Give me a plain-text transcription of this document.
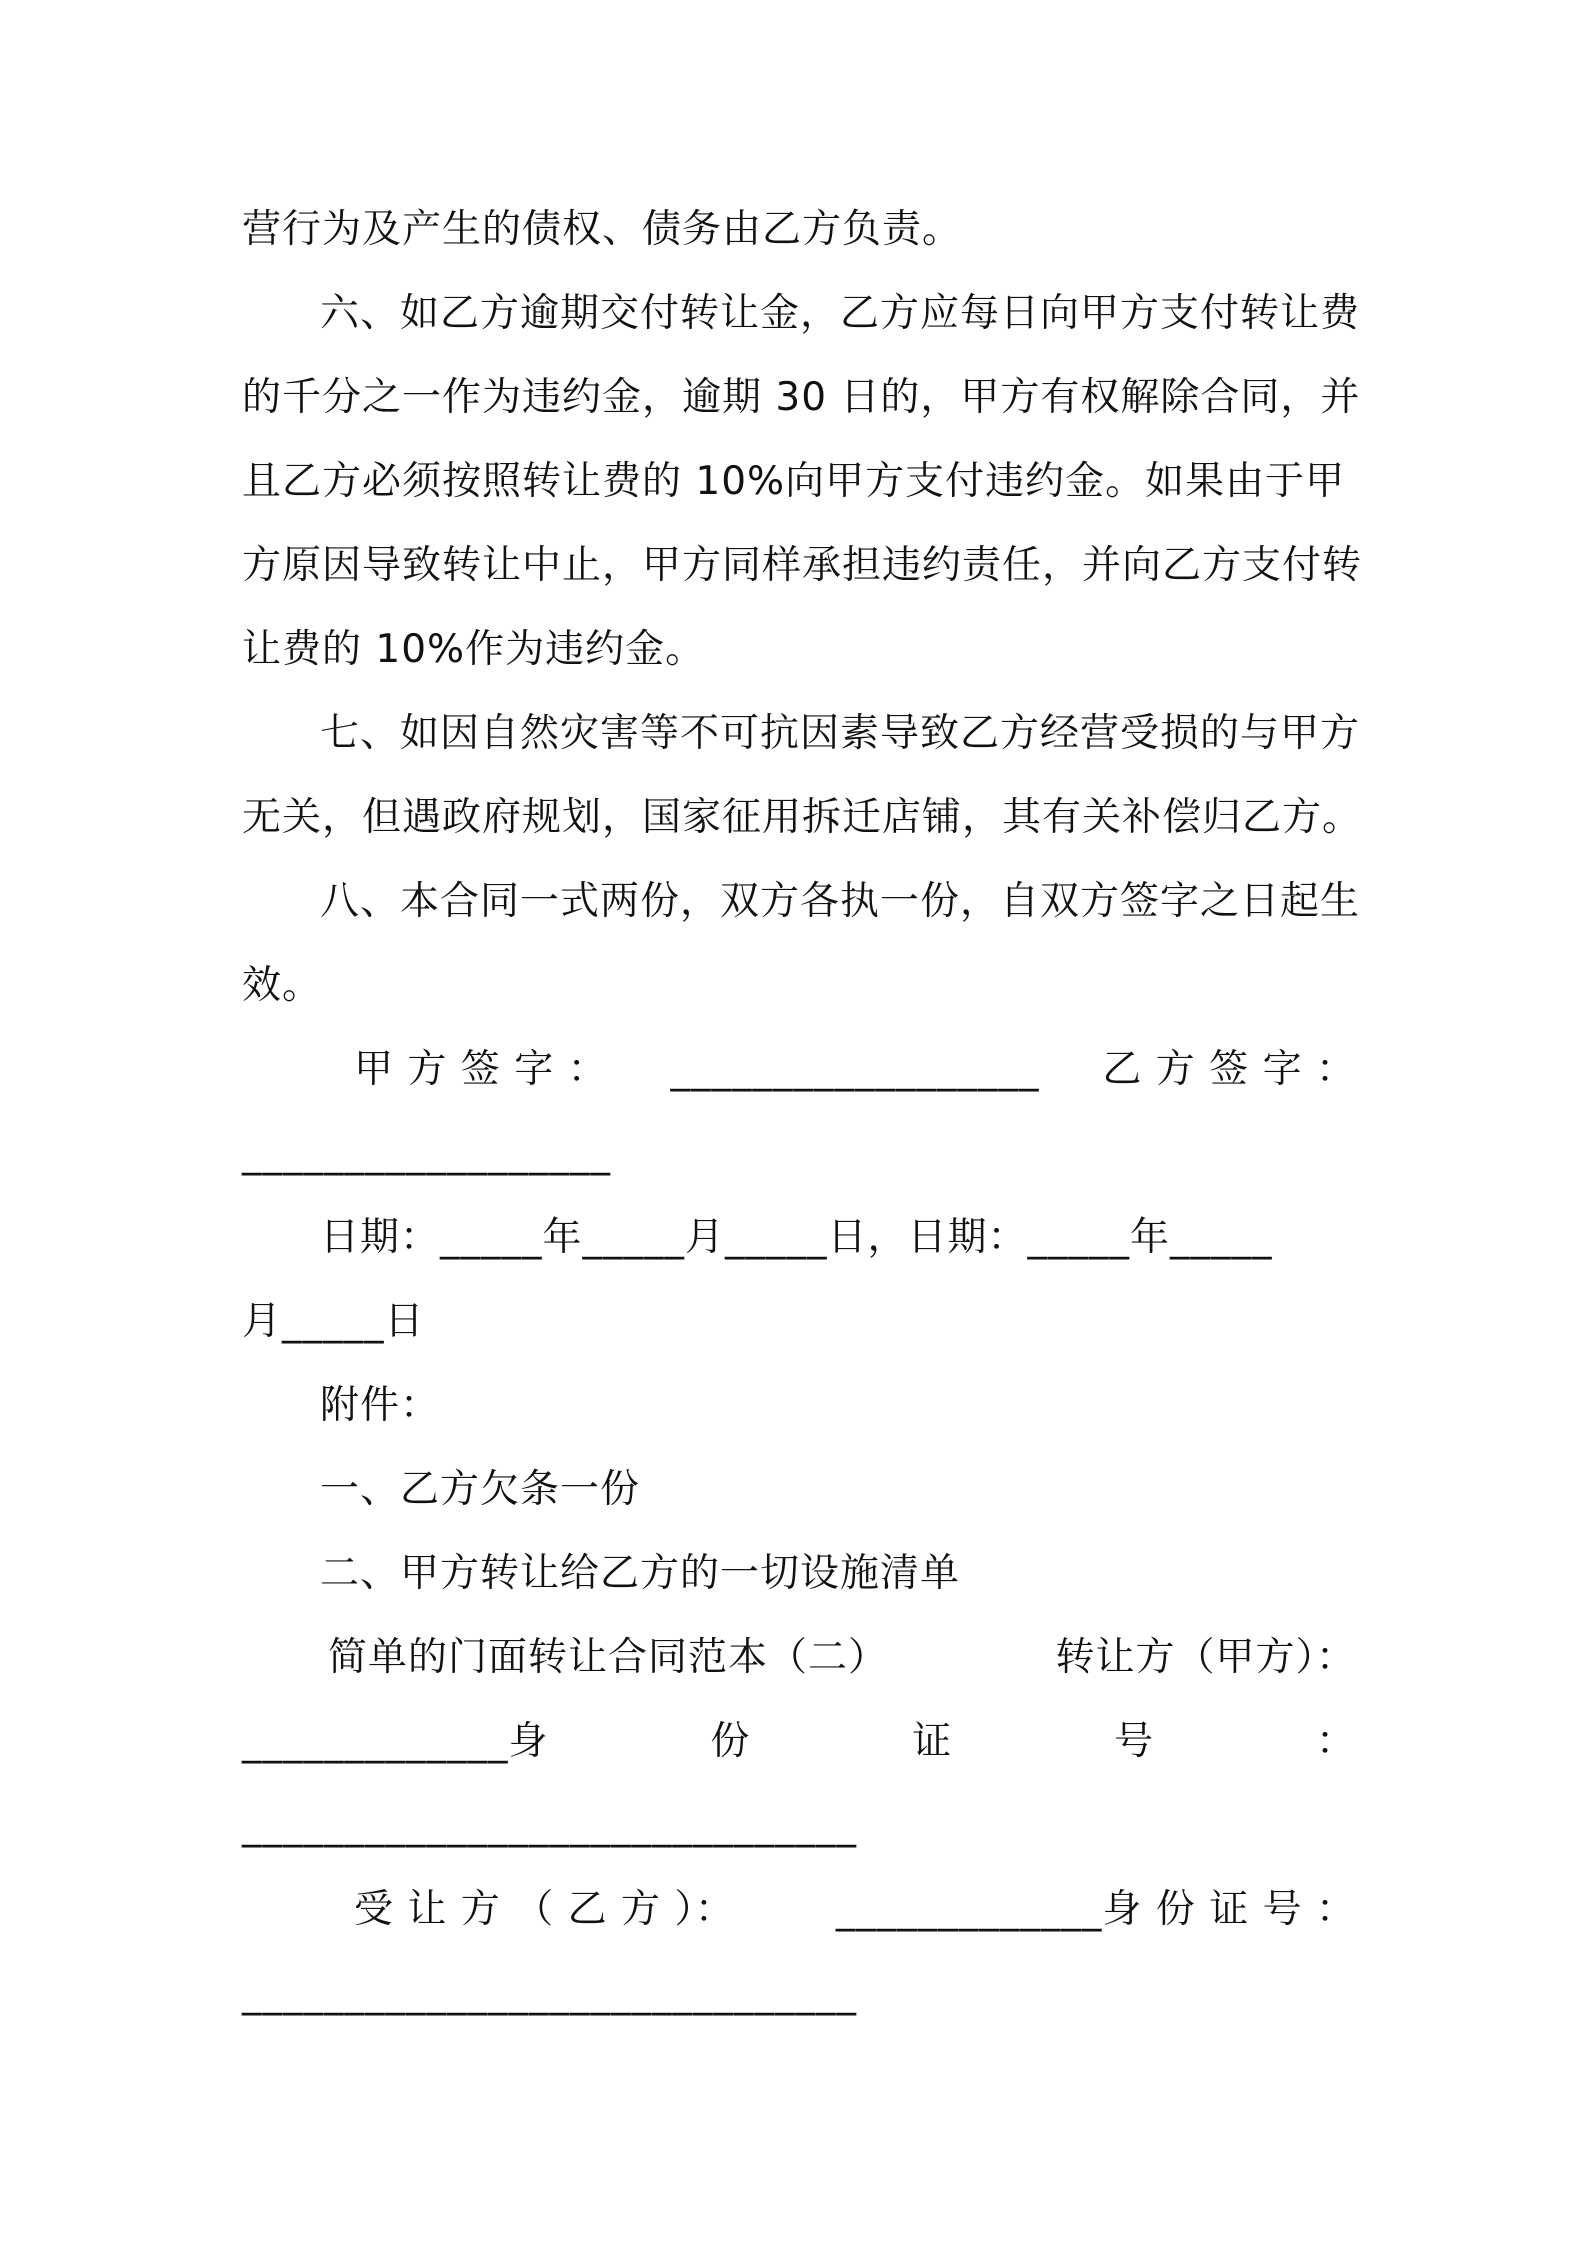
营行为及产生的债权、债务由乙方负责。
六、如乙方逾期交付转让金，乙方应每日向甲方支付转让费
的千分之一作为违约金，逾期 30 日的，甲方有权解除合同，并
且乙方必须按照转让费的 10%向甲方支付违约金。如果由于甲
方原因导致转让中止，甲方同样承担违约责任，并向乙方支付转
让费的 10%作为违约金。
七、如因自然灾害等不可抗因素导致乙方经营受损的与甲方
无关，但遇政府规划，国家征用拆迁店铺，其有关补偿归乙方。
八、本合同一式两份，双方各执一份，自双方签字之日起生
效。
甲 方 签 字 ： __________________ 乙 方 签 字 ：
__________________
日期：_____年_____月_____日，日期：_____年_____
月_____日
附件：
一、乙方欠条一份
二、甲方转让给乙方的一切设施清单
简单的门面转让合同范本（二）	转让方（甲方）：
_____________ 身	份	证	号	：
______________________________
受 让 方 （ 乙 方 ）：	_____________ 身 份 证 号 ：
______________________________
